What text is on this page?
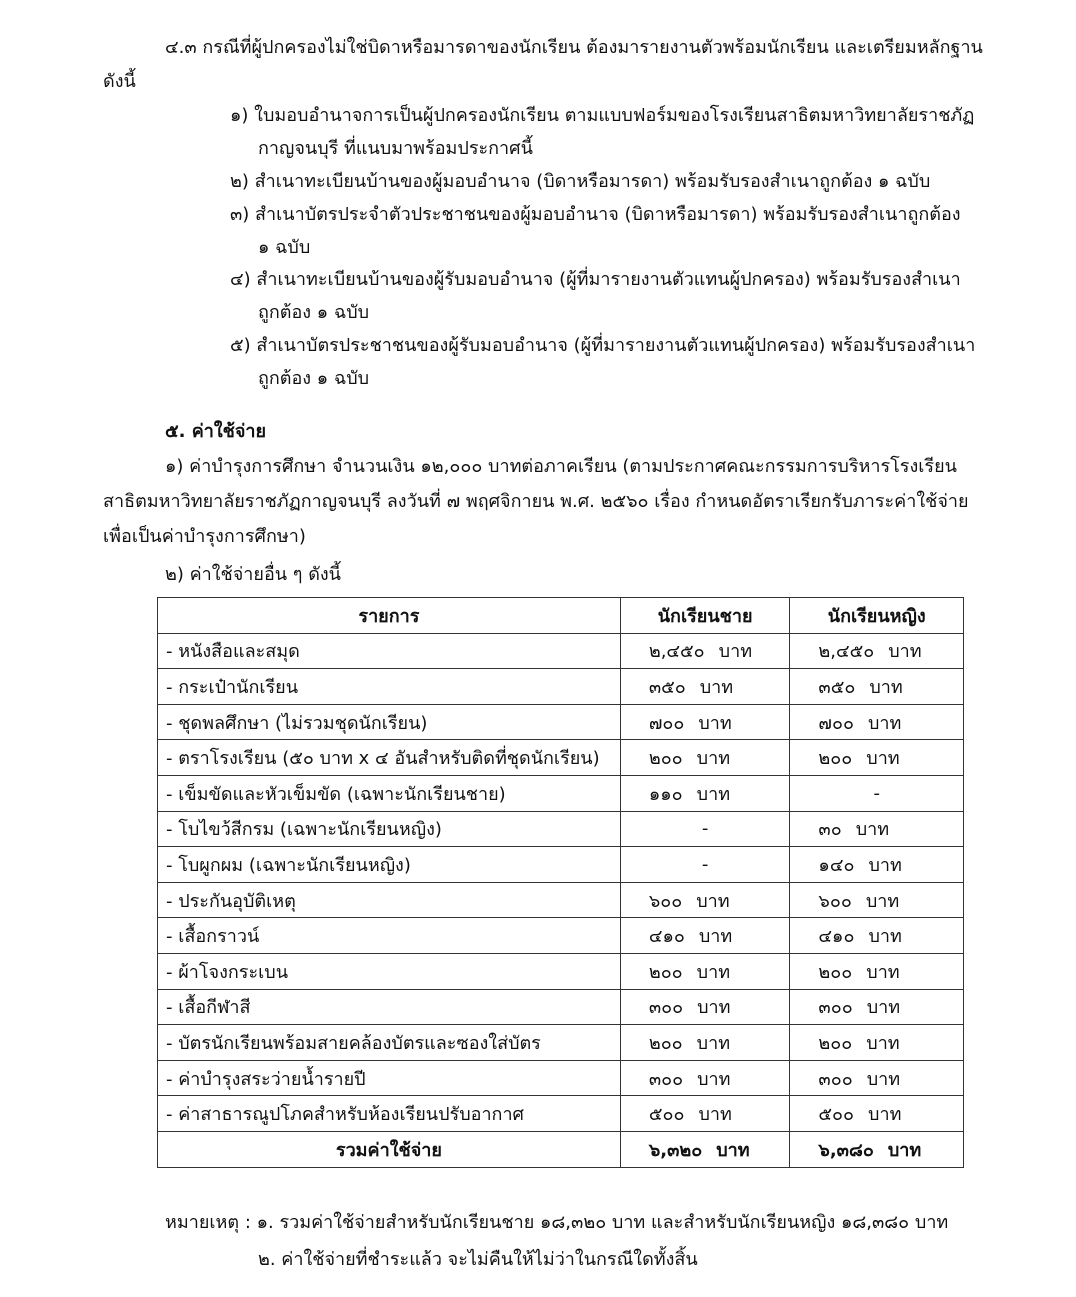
๔.๓ กรณีที่ผู้ปกครองไม่ใช่บิดาหรือมารดาของนักเรียน ต้องมารายงานตัวพร้อมนักเรียน และเตรียมหลักฐาน
ดังนี้
๑) ใบมอบอำนาจการเป็นผู้ปกครองนักเรียน ตามแบบฟอร์มของโรงเรียนสาธิตมหาวิทยาลัยราชภัฏ
กาญจนบุรี ที่แนบมาพร้อมประกาศนี้
๒) สำเนาทะเบียนบ้านของผู้มอบอำนาจ (บิดาหรือมารดา) พร้อมรับรองสำเนาถูกต้อง ๑ ฉบับ
๓) สำเนาบัตรประจำตัวประชาชนของผู้มอบอำนาจ (บิดาหรือมารดา) พร้อมรับรองสำเนาถูกต้อง
๑ ฉบับ
๔) สำเนาทะเบียนบ้านของผู้รับมอบอำนาจ (ผู้ที่มารายงานตัวแทนผู้ปกครอง) พร้อมรับรองสำเนา
ถูกต้อง ๑ ฉบับ
๕) สำเนาบัตรประชาชนของผู้รับมอบอำนาจ (ผู้ที่มารายงานตัวแทนผู้ปกครอง) พร้อมรับรองสำเนา
ถูกต้อง ๑ ฉบับ
๕. ค่าใช้จ่าย
๑) ค่าบำรุงการศึกษา จำนวนเงิน ๑๒,๐๐๐ บาทต่อภาคเรียน (ตามประกาศคณะกรรมการบริหารโรงเรียน
สาธิตมหาวิทยาลัยราชภัฏกาญจนบุรี ลงวันที่ ๗ พฤศจิกายน พ.ศ. ๒๕๖๐ เรื่อง กำหนดอัตราเรียกรับภาระค่าใช้จ่าย
เพื่อเป็นค่าบำรุงการศึกษา)
๒) ค่าใช้จ่ายอื่น ๆ ดังนี้
รายการ	นักเรียนชาย	นักเรียนหญิง
- หนังสือและสมุด	๒,๔๕๐ บาท	๒,๔๕๐ บาท
- กระเป๋านักเรียน	๓๕๐ บาท	๓๕๐ บาท
- ชุดพลศึกษา (ไม่รวมชุดนักเรียน)	๗๐๐ บาท	๗๐๐ บาท
- ตราโรงเรียน (๕๐ บาท x ๔ อันสำหรับติดที่ชุดนักเรียน)	๒๐๐ บาท	๒๐๐ บาท
- เข็มขัดและหัวเข็มขัด (เฉพาะนักเรียนชาย)	๑๑๐ บาท	-
- โบไขว้สีกรม (เฉพาะนักเรียนหญิง)	-	๓๐ บาท
- โบผูกผม (เฉพาะนักเรียนหญิง)	-	๑๔๐ บาท
- ประกันอุบัติเหตุ	๖๐๐ บาท	๖๐๐ บาท
- เสื้อกราวน์	๔๑๐ บาท	๔๑๐ บาท
- ผ้าโจงกระเบน	๒๐๐ บาท	๒๐๐ บาท
- เสื้อกีฬาสี	๓๐๐ บาท	๓๐๐ บาท
- บัตรนักเรียนพร้อมสายคล้องบัตรและซองใส่บัตร	๒๐๐ บาท	๒๐๐ บาท
- ค่าบำรุงสระว่ายน้ำรายปี	๓๐๐ บาท	๓๐๐ บาท
- ค่าสาธารณูปโภคสำหรับห้องเรียนปรับอากาศ	๕๐๐ บาท	๕๐๐ บาท
รวมค่าใช้จ่าย	๖,๓๒๐ บาท	๖,๓๘๐ บาท
หมายเหตุ : ๑. รวมค่าใช้จ่ายสำหรับนักเรียนชาย ๑๘,๓๒๐ บาท และสำหรับนักเรียนหญิง ๑๘,๓๘๐ บาท
๒. ค่าใช้จ่ายที่ชำระแล้ว จะไม่คืนให้ไม่ว่าในกรณีใดทั้งสิ้น
